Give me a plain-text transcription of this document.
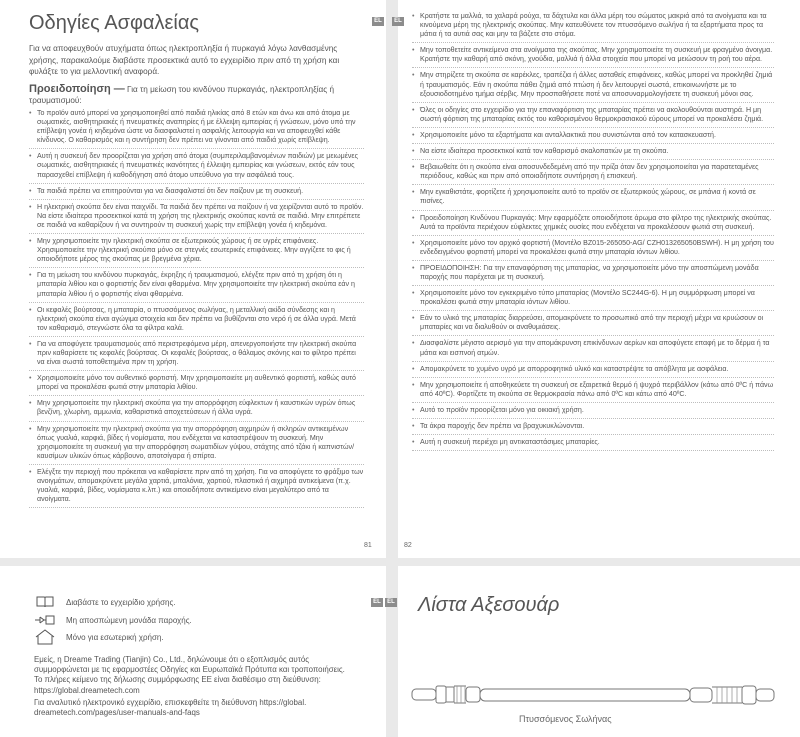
Οδηγίες Ασφαλείας	EL

Για να αποφευχθούν ατυχήματα όπως ηλεκτροπληξία ή πυρκαγιά λόγω λανθασμένης χρήσης, παρακαλούμε διαβάστε προσεκτικά αυτό το εγχειρίδιο πριν από τη χρήση και φυλάξτε το για μελλοντική αναφορά.

Προειδοποίηση — Για τη μείωση του κινδύνου πυρκαγιάς, ηλεκτροπληξίας ή τραυματισμού:
• Το προϊόν αυτό μπορεί να χρησιμοποιηθεί από παιδιά ηλικίας από 8 ετών και άνω και από άτομα με σωματικές, αισθητηριακές ή πνευματικές αναπηρίες ή με έλλειψη εμπειρίας ή γνώσεων, μόνο υπό την επίβλεψη γονέα ή κηδεμόνα ώστε να διασφαλιστεί η ασφαλής λειτουργία και να αποφευχθεί κάθε κίνδυνος. Ο καθαρισμός και η συντήρηση δεν πρέπει να γίνονται από παιδιά χωρίς επίβλεψη.
• Αυτή η συσκευή δεν προορίζεται για χρήση από άτομα (συμπεριλαμβανομένων παιδιών) με μειωμένες σωματικές, αισθητηριακές ή πνευματικές ικανότητες ή έλλειψη εμπειρίας και γνώσεων, εκτός εάν τους παρασχεθεί επίβλεψη ή καθοδήγηση από άτομο υπεύθυνο για την ασφάλειά τους.
• Τα παιδιά πρέπει να επιτηρούνται για να διασφαλιστεί ότι δεν παίζουν με τη συσκευή.
• Η ηλεκτρική σκούπα δεν είναι παιχνίδι. Τα παιδιά δεν πρέπει να παίζουν ή να χειρίζονται αυτό το προϊόν. Να είστε ιδιαίτερα προσεκτικοί κατά τη χρήση της ηλεκτρικής σκούπας κοντά σε παιδιά. Μην επιτρέπετε σε παιδιά να καθαρίζουν ή να συντηρούν τη συσκευή χωρίς την επίβλεψη γονέα ή κηδεμόνα.
• Μην χρησιμοποιείτε την ηλεκτρική σκούπα σε εξωτερικούς χώρους ή σε υγρές επιφάνειες. Χρησιμοποιείτε την ηλεκτρική σκούπα μόνο σε στεγνές εσωτερικές επιφάνειες. Μην αγγίζετε το φις ή οποιοδήποτε μέρος της σκούπας με βρεγμένα χέρια.
• Για τη μείωση του κινδύνου πυρκαγιάς, έκρηξης ή τραυματισμού, ελέγξτε πριν από τη χρήση ότι η μπαταρία λιθίου και ο φορτιστής δεν είναι φθαρμένα. Μην χρησιμοποιείτε την ηλεκτρική σκούπα εάν η μπαταρία λιθίου ή ο φορτιστής είναι φθαρμένα.
• Οι κεφαλές βούρτσας, η μπαταρία, ο πτυσσόμενος σωλήνας, η μεταλλική ακίδα σύνδεσης και η ηλεκτρική σκούπα είναι αγώγιμα στοιχεία και δεν πρέπει να βυθίζονται στο νερό ή σε άλλα υγρά. Μετά τον καθαρισμό, στεγνώστε όλα τα φίλτρα καλά.
• Για να αποφύγετε τραυματισμούς από περιστρεφόμενα μέρη, απενεργοποιήστε την ηλεκτρική σκούπα πριν καθαρίσετε τις κεφαλές βούρτσας. Οι κεφαλές βούρτσας, ο θάλαμος σκόνης και το φίλτρο πρέπει να είναι σωστά τοποθετημένα πριν τη χρήση.
• Χρησιμοποιείτε μόνο τον αυθεντικό φορτιστή. Μην χρησιμοποιείτε μη αυθεντικό φορτιστή, καθώς αυτό μπορεί να προκαλέσει φωτιά στην μπαταρία λιθίου.
• Μην χρησιμοποιείτε την ηλεκτρική σκούπα για την απορρόφηση εύφλεκτων ή καυστικών υγρών όπως βενζίνη, χλωρίνη, αμμωνία, καθαριστικά αποχετεύσεων ή άλλα υγρά.
• Μην χρησιμοποιείτε την ηλεκτρική σκούπα για την απορρόφηση αιχμηρών ή σκληρών αντικειμένων όπως γυαλιά, καρφιά, βίδες ή νομίσματα, που ενδέχεται να καταστρέψουν τη συσκευή. Μην χρησιμοποιείτε τη συσκευή για την απορρόφηση σωματιδίων γύψου, στάχτης από τζάκι ή καπνιστών/καυσίμων υλικών όπως κάρβουνο, αποτσίγαρα ή σπίρτα.
• Ελέγξτε την περιοχή που πρόκειται να καθαρίσετε πριν από τη χρήση. Για να αποφύγετε το φράξιμο των ανοιγμάτων, απομακρύνετε μεγάλα χαρτιά, μπαλόνια, χαρτιού, πλαστικά ή αιχμηρά αντικείμενα (π.χ. γυαλιά, καρφιά, βίδες, νομίσματα κ.λπ.) και οποιοδήποτε αντικείμενο είναι μεγαλύτερο από τα ανοίγματα.
81
EL
• Κρατήστε τα μαλλιά, τα χαλαρά ρούχα, τα δάχτυλα και άλλα μέρη του σώματος μακριά από τα ανοίγματα και τα κινούμενα μέρη της ηλεκτρικής σκούπας. Μην κατευθύνετε τον πτυσσόμενο σωλήνα ή τα εξαρτήματα προς τα μάτια ή τα αυτιά σας και μην τα βάζετε στο στόμα.
• Μην τοποθετείτε αντικείμενα στα ανοίγματα της σκούπας. Μην χρησιμοποιείτε τη συσκευή με φραγμένο άνοιγμα. Κρατήστε την καθαρή από σκόνη, χνούδια, μαλλιά ή άλλα στοιχεία που μπορεί να μειώσουν τη ροή του αέρα.
• Μην στηρίζετε τη σκούπα σε καρέκλες, τραπέζια ή άλλες ασταθείς επιφάνειες, καθώς μπορεί να προκληθεί ζημιά ή τραυματισμός. Εάν η σκούπα πάθει ζημιά από πτώση ή δεν λειτουργεί σωστά, επικοινωνήστε με το εξουσιοδοτημένο τμήμα σέρβις. Μην προσπαθήσετε ποτέ να αποσυναρμολογήσετε τη συσκευή μόνοι σας.
• Όλες οι οδηγίες στο εγχειρίδιο για την επαναφόρτιση της μπαταρίας πρέπει να ακολουθούνται αυστηρά. Η μη σωστή φόρτιση της μπαταρίας εκτός του καθορισμένου θερμοκρασιακού εύρους μπορεί να προκαλέσει ζημιά.
• Χρησιμοποιείτε μόνο τα εξαρτήματα και ανταλλακτικά που συνιστώνται από τον κατασκευαστή.
• Να είστε ιδιαίτερα προσεκτικοί κατά τον καθαρισμό σκαλοπατιών με τη σκούπα.
• Βεβαιωθείτε ότι η σκούπα είναι αποσυνδεδεμένη από την πρίζα όταν δεν χρησιμοποιείται για παρατεταμένες περιόδους, καθώς και πριν από οποιαδήποτε συντήρηση ή επισκευή.
• Μην εγκαθιστάτε, φορτίζετε ή χρησιμοποιείτε αυτό το προϊόν σε εξωτερικούς χώρους, σε μπάνια ή κοντά σε πισίνες.
• Προειδοποίηση Κινδύνου Πυρκαγιάς: Μην εφαρμόζετε οποιοδήποτε άρωμα στο φίλτρο της ηλεκτρικής σκούπας. Αυτά τα προϊόντα περιέχουν εύφλεκτες χημικές ουσίες που ενδέχεται να προκαλέσουν φωτιά στη συσκευή.
• Χρησιμοποιείτε μόνο τον αρχικό φορτιστή (Μοντέλο BZ015-265050-AG/ CZH013265050BSWH). Η μη χρήση του ενδεδειγμένου φορτιστή μπορεί να προκαλέσει φωτιά στην μπαταρία ιόντων λιθίου.
• ΠΡΟΕΙΔΟΠΟΙΗΣΗ: Για την επαναφόρτιση της μπαταρίας, να χρησιμοποιείτε μόνο την αποσπώμενη μονάδα παροχής που παρέχεται με τη συσκευή.
• Χρησιμοποιείτε μόνο τον εγκεκριμένο τύπο μπαταρίας (Μοντέλο SC244G-6). Η μη συμμόρφωση μπορεί να προκαλέσει φωτιά στην μπαταρία ιόντων λιθίου.
• Εάν το υλικό της μπαταρίας διαρρεύσει, απομακρύνετε το προσωπικό από την περιοχή μέχρι να κρυώσουν οι μπαταρίες και να διαλυθούν οι αναθυμιάσεις.
• Διασφαλίστε μέγιστο αερισμό για την απομάκρυνση επικίνδυνων αερίων και αποφύγετε επαφή με το δέρμα ή τα μάτια και εισπνοή ατμών.
• Απομακρύνετε το χυμένο υγρό με απορροφητικό υλικό και καταστρέψτε τα απόβλητα με ασφάλεια.
• Μην χρησιμοποιείτε ή αποθηκεύετε τη συσκευή σε εξαιρετικά θερμό ή ψυχρό περιβάλλον (κάτω από 0ºC ή πάνω από 40ºC). Φορτίζετε τη σκούπα σε θερμοκρασία πάνω από 0ºC και κάτω από 40ºC.
• Αυτό το προϊόν προορίζεται μόνο για οικιακή χρήση.
• Τα άκρα παροχής δεν πρέπει να βραχυκυκλώνονται.
• Αυτή η συσκευή περιέχει μη αντικαταστάσιμες μπαταρίες.
82
Διαβάστε το εγχειρίδιο χρήσης.
Μη αποσπώμενη μονάδα παροχής.
Μόνο για εσωτερική χρήση.

Εμείς, η Dreame Trading (Tianjin) Co., Ltd., δηλώνουμε ότι ο εξοπλισμός αυτός συμμορφώνεται με τις εφαρμοστέες Οδηγίες και Ευρωπαϊκά Πρότυπα και τροποποιήσεις. Το πλήρες κείμενο της δήλωσης συμμόρφωσης ΕΕ είναι διαθέσιμο στη διεύθυνση: https://global.dreametech.com

Για αναλυτικό ηλεκτρονικό εγχειρίδιο, επισκεφθείτε τη διεύθυνση https://global. dreametech.com/pages/user-manuals-and-faqs

EL	EL Λίστα Αξεσουάρ
Πτυσσόμενος Σωλήνας
